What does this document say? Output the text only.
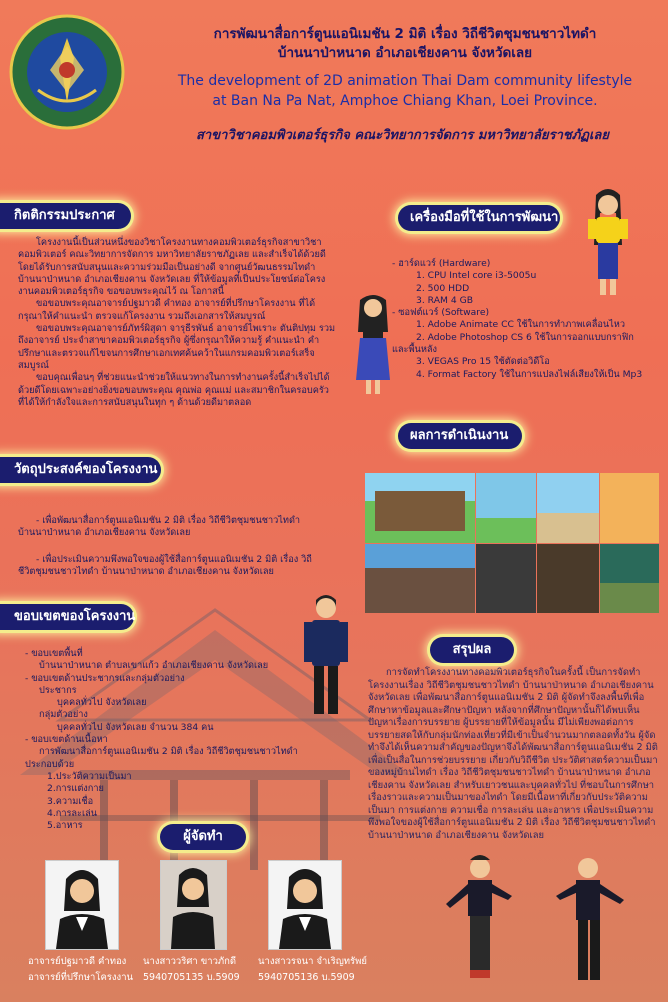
การพัฒนาสื่อการ์ตูนแอนิเมชัน 2 มิติ เรื่อง วิถีชีวิตชุมชนชาวไทดำ
บ้านนาป่าหนาด อำเภอเชียงคาน จังหวัดเลย
The development of 2D animation Thai Dam community lifestyle
at Ban Na Pa Nat, Amphoe Chiang Khan, Loei Province.
สาขาวิชาคอมพิวเตอร์ธุรกิจ คณะวิทยาการจัดการ มหาวิทยาลัยราชภัฏเลย
กิตติกรรมประกาศ

โครงงานนี้เป็นส่วนหนึ่งของวิชาโครงงานทางคอมพิวเตอร์ธุรกิจสาขาวิชาคอมพิวเตอร์ คณะวิทยาการจัดการ มหาวิทยาลัยราชภัฏเลย และสำเร็จได้ด้วยดีโดยได้รับการสนับสนุนและความร่วมมือเป็นอย่างดี จากศูนย์วัฒนธรรมไทดำ บ้านนาป่าหนาด อำเภอเชียงคาน จังหวัดเลย ที่ให้ข้อมูลที่เป็นประโยชน์ต่อโครงงานคอมพิวเตอร์ธุรกิจ ขอขอบพระคุณไว้ ณ โอกาสนี้

ขอขอบพระคุณอาจารย์ปฐมาวดี คำทอง อาจารย์ที่ปรึกษาโครงงาน ที่ได้กรุณาให้คำแนะนำ ตรวจแก้โครงงาน รวมถึงเอกสารให้สมบูรณ์

ขอขอบพระคุณอาจารย์ภัทร์ผิสุดา จารุธีรพันธ์ อาจารย์ไพเราะ ตันติปทุม รวมถึงอาจารย์ ประจำสาขาคอมพิวเตอร์ธุรกิจ ผู้ซึ่งกรุณาให้ความรู้ คำแนะนำ คำปรึกษาและตรวจแก้ไขจนการศึกษาเอกเทศค้นคว้าในแกรมคอมพิวเตอร์เสร็จสมบูรณ์

ขอบคุณเพื่อนๆ ที่ช่วยแนะนำช่วยให้แนวทางในการทำงานครั้งนี้สำเร็จไปได้ด้วยดีโดยเฉพาะอย่างยิ่งขอขอบพระคุณ คุณพ่อ คุณแม่ และสมาชิกในครอบครัว ที่ได้ให้กำลังใจและการสนับสนุนในทุก ๆ ด้านด้วยดีมาตลอด

วัตถุประสงค์ของโครงงาน

- เพื่อพัฒนาสื่อการ์ตูนแอนิเมชัน 2 มิติ เรื่อง วิถีชีวิตชุมชนชาวไทดำ บ้านนาป่าหนาด อำเภอเชียงคาน จังหวัดเลย

- เพื่อประเมินความพึงพอใจของผู้ใช้สื่อการ์ตูนแอนิเมชัน 2 มิติ เรื่อง วิถีชีวิตชุมชนชาวไทดำ บ้านนาป่าหนาด อำเภอเชียงคาน จังหวัดเลย

ขอบเขตของโครงงาน

- ขอบเขตพื้นที่

บ้านนาป่าหนาด ตำบลเขาแก้ว อำเภอเชียงคาน จังหวัดเลย

- ขอบเขตด้านประชากรและกลุ่มตัวอย่าง

ประชากร

บุคคลทั่วไป จังหวัดเลย

กลุ่มตัวอย่าง

บุคคลทั่วไป จังหวัดเลย จำนวน 384 คน

- ขอบเขตด้านเนื้อหา

การพัฒนาสื่อการ์ตูนแอนิเมชัน 2 มิติ เรื่อง วิถีชีวิตชุมชนชาวไทดำ

ประกอบด้วย

1.ประวัติความเป็นมา

2.การแต่งกาย

3.ความเชื่อ

4.การละเล่น

5.อาหาร

เครื่องมือที่ใช้ในการพัฒนา

- ฮาร์ดแวร์ (Hardware)

1. CPU Intel core i3-5005u

2. 500 HDD

3. RAM 4 GB

- ซอฟต์แวร์ (Software)

1. Adobe Animate CC ใช้ในการทำภาพเคลื่อนไหว

2. Adobe Photoshop CS 6 ใช้ในการออกแบบกราฟิก

และพื้นหลัง

3. VEGAS Pro 15 ใช้ตัดต่อวิดีโอ

4. Format Factory ใช้ในการแปลงไฟล์เสียงให้เป็น Mp3

ผลการดำเนินงาน
สรุปผล
การจัดทำโครงงานทางคอมพิวเตอร์ธุรกิจในครั้งนี้ เป็นการจัดทำโครงงานเรื่อง วิถีชีวิตชุมชนชาวไทดำ บ้านนาป่าหนาด อำเภอเชียงคาน จังหวัดเลย เพื่อพัฒนาสื่อการ์ตูนแอนิเมชัน 2 มิติ ผู้จัดทำจึงลงพื้นที่เพื่อศึกษาหาข้อมูลและศึกษาปัญหา หลังจากที่ศึกษาปัญหานั้นก็ได้พบเห็นปัญหาเรื่องการบรรยาย ผู้บรรยายที่ให้ข้อมูลนั้น มีไม่เพียงพอต่อการบรรยายสดให้กับกลุ่มนักท่องเที่ยวที่มีเข้าเป็นจำนวนมากตลอดทั้งวัน ผู้จัดทำจึงได้เห็นความสำคัญของปัญหาจึงได้พัฒนาสื่อการ์ตูนแอนิเมชัน 2 มิติ เพื่อเป็นสื่อในการช่วยบรรยาย เกี่ยวกับวิถีชีวิต ประวัติศาสตร์ความเป็นมาของหมู่บ้านไทดำ เรื่อง วิถีชีวิตชุมชนชาวไทดำ บ้านนาป่าหนาด อำเภอเชียงคาน จังหวัดเลย สำหรับเยาวชนและบุคคลทั่วไป ที่ชอบในการศึกษาเรื่องราวและความเป็นมาของไทดำ โดยมีเนื้อหาที่เกี่ยวกับประวัติความเป็นมา การแต่งกาย ความเชื่อ การละเล่น และอาหาร เพื่อประเมินความพึงพอใจของผู้ใช้สื่อการ์ตูนแอนิเมชัน 2 มิติ เรื่อง วิถีชีวิตชุมชนชาวไทดำ บ้านนาป่าหนาด อำเภอเชียงคาน จังหวัดเลย
ผู้จัดทำ
อาจารย์ปฐมาวดี คำทอง
อาจารย์ที่ปรึกษาโครงงาน
นางสาววริศา ขาวภักดี
5940705135 บ.5909
นางสาวรจนา จำเริญทรัพย์
5940705136 บ.5909
